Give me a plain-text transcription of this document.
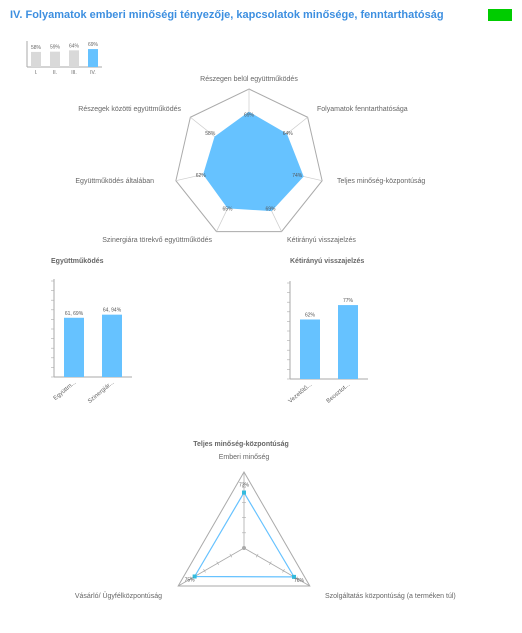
IV. Folyamatok emberi minőségi tényezője, kapcsolatok minősége, fenntarthatóság
58%
I.
59%
II.
64%
III.
69%
IV.
69%
64%
74%
69%
65%
62%
58%
Részegen belül együttműködés
Folyamatok fenntarthatósága
Teljes minőség-központúság
Kétirányú visszajelzés
Szinergiára törekvő együttműködés
Együttműködés általában
Részegek közötti együttműködés
Együttműködés
61, 69%
Együttm...
64, 94%
Szinergiár...
Kétirányú visszajelzés
62%
Vezetőtő...
77%
Beosztot...
Teljes minőség-központúság
73%
76%
75%
Emberi minőség
Szolgáltatás központúság (a terméken túl)
Vásárló/ Ügyfélközpontúság
